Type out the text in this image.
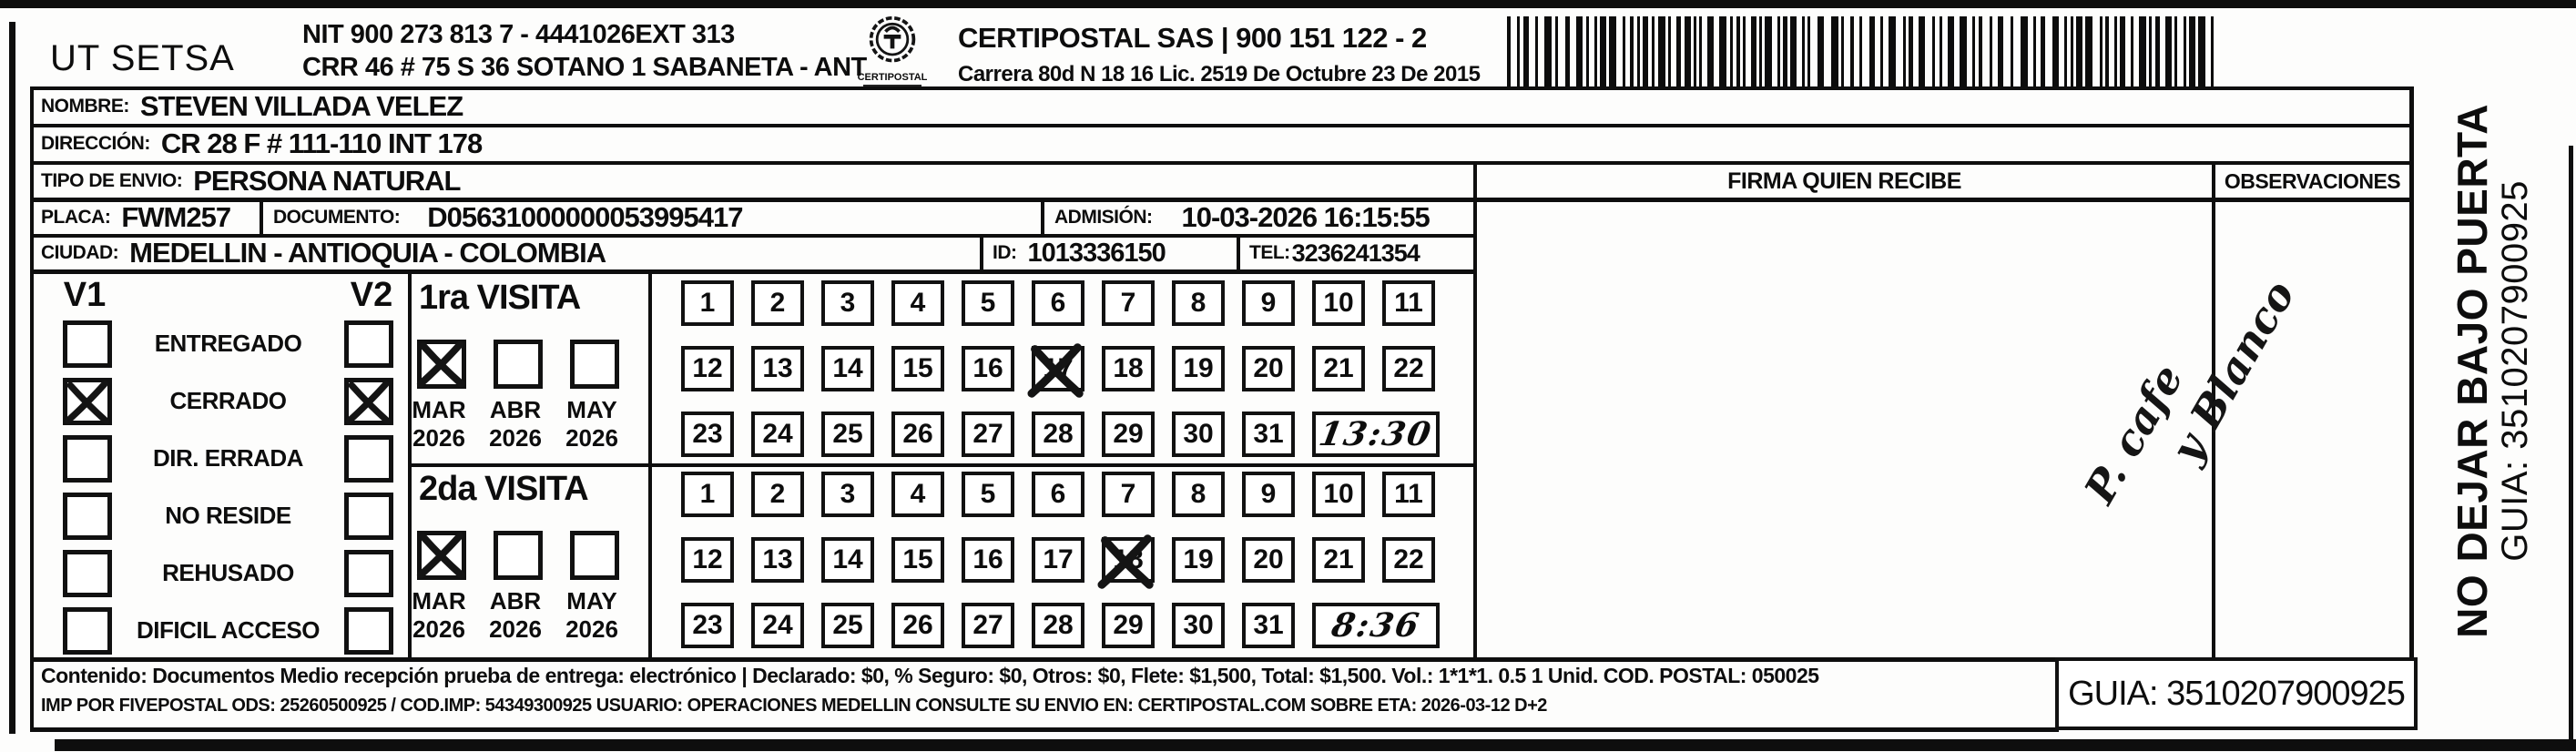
UT SETSA
NIT 900 273 813 7 - 4441026EXT 313
CRR 46 # 75 S 36 SOTANO 1 SABANETA - ANT
CERTIPOSTAL
CERTIPOSTAL SAS | 900 151 122 - 2
Carrera 80d N 18 16 Lic. 2519 De Octubre 23 De 2015
NOMBRE: STEVEN VILLADA VELEZ
DIRECCIÓN: CR 28 F # 111-110 INT 178
TIPO DE ENVIO: PERSONA NATURAL
PLACA: FWM257 DOCUMENTO: D05631000000053995417	ADMISIÓN: 10-03-2026 16:15:55
CIUDAD: MEDELLIN - ANTIOQUIA - COLOMBIA	ID: 1013336150	TEL: 3236241354
V1	V2
ENTREGADO
CERRADO
DIR. ERRADA
NO RESIDE
REHUSADO
DIFICIL ACCESO
1ra VISITA
MAR
2026
ABR
2026
MAY
2026
2da VISITA
MAR
2026
ABR
2026
MAY
2026
1	2	3	4	5	6	7	8	9	10	11
12	13	14	15	16	17	18	19	20	21	22
23	24	25	26	27	28	29	30	31 13:30
1	2	3	4	5	6	7	8	9	10	11
12	13	14	15	16	17	18	19	20	21	22
23	24	25	26	27	28	29	30	31	8:36
FIRMA QUIEN RECIBE	OBSERVACIONES
P. cafe
y Blanco	NO DEJAR BAJO PUERTA
GUIA: 3510207900925
Contenido: Documentos Medio recepción prueba de entrega: electrónico | Declarado: $0, % Seguro: $0, Otros: $0, Flete: $1,500, Total: $1,500. Vol.: 1*1*1. 0.5 1 Unid. COD. POSTAL: 050025
IMP POR FIVEPOSTAL ODS: 25260500925 / COD.IMP: 54349300925 USUARIO: OPERACIONES MEDELLIN CONSULTE SU ENVIO EN: CERTIPOSTAL.COM SOBRE ETA: 2026-03-12 D+2	GUIA: 3510207900925
